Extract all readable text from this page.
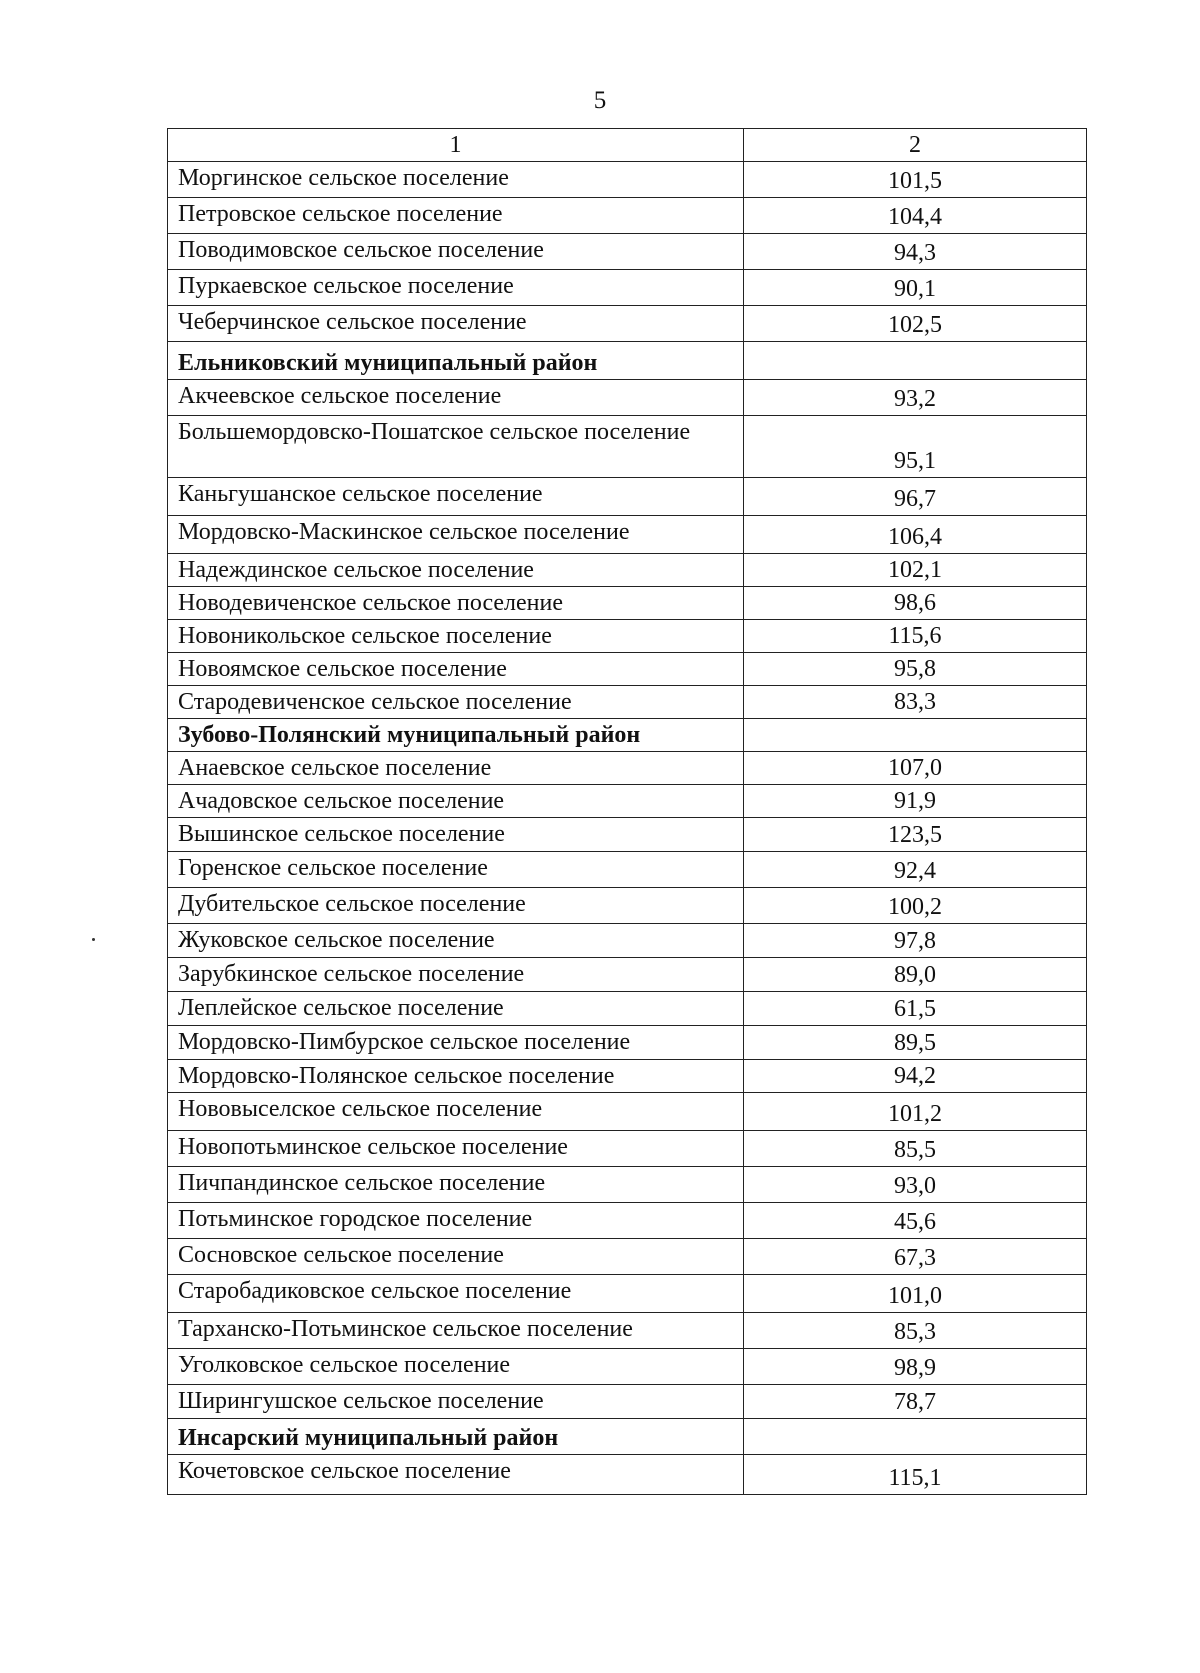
5
1	2
Моргинское сельское поселение	101,5
Петровское сельское поселение	104,4
Поводимовское сельское поселение	94,3
Пуркаевское сельское поселение	90,1
Чеберчинское сельское поселение	102,5
Ельниковский муниципальный район	
Акчеевское сельское поселение	93,2
Большемордовско-Пошатское сельское поселение	95,1
Каньгушанское сельское поселение	96,7
Мордовско-Маскинское сельское поселение	106,4
Надеждинское сельское поселение	102,1
Новодевиченское сельское поселение	98,6
Новоникольское сельское поселение	115,6
Новоямское сельское поселение	95,8
Стародевиченское сельское поселение	83,3
Зубово-Полянский муниципальный район	
Анаевское сельское поселение	107,0
Ачадовское сельское поселение	91,9
Вышинское сельское поселение	123,5
Горенское сельское поселение	92,4
Дубительское сельское поселение	100,2
Жуковское сельское поселение	97,8
Зарубкинское сельское поселение	89,0
Леплейское сельское поселение	61,5
Мордовско-Пимбурское сельское поселение	89,5
Мордовско-Полянское сельское поселение	94,2
Нововыселское сельское поселение	101,2
Новопотьминское сельское поселение	85,5
Пичпандинское сельское поселение	93,0
Потьминское городское поселение	45,6
Сосновское сельское поселение	67,3
Старобадиковское сельское поселение	101,0
Тарханско-Потьминское сельское поселение	85,3
Уголковское сельское поселение	98,9
Ширингушское сельское поселение	78,7
Инсарский муниципальный район	
Кочетовское сельское поселение	115,1
